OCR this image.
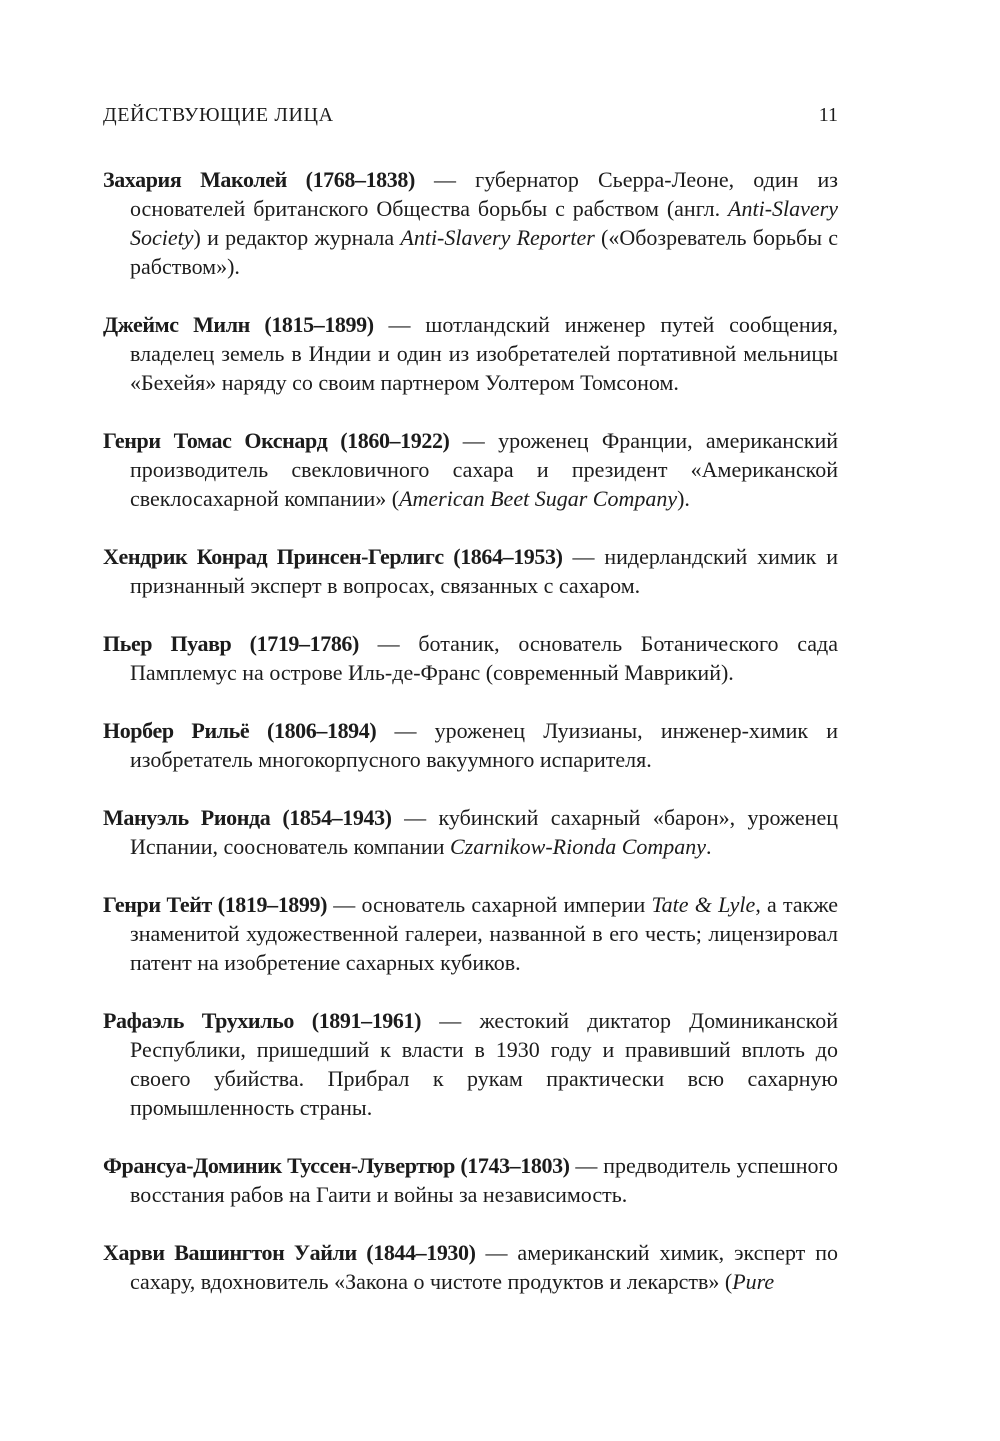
ДЕЙСТВУЮЩИЕ ЛИЦА	11

Захария Маколей (1768–1838) — губернатор Сьерра-Леоне, один из основателей британского Общества борьбы с рабством (англ. Anti-Slavery Society) и редактор журнала Anti-Slavery Reporter («Обозреватель борьбы с рабством»).

Джеймс Милн (1815–1899) — шотландский инженер путей сообщения, владелец земель в Индии и один из изобретателей портативной мельницы «Бехейя» наряду со своим партнером Уолтером Томсоном.

Генри Томас Окснард (1860–1922) — уроженец Франции, американский производитель свекловичного сахара и президент «Американской свеклосахарной компании» (American Beet Sugar Company).

Хендрик Конрад Принсен-Герлигс (1864–1953) — нидерландский химик и признанный эксперт в вопросах, связанных с сахаром.

Пьер Пуавр (1719–1786) — ботаник, основатель Ботанического сада Памплемус на острове Иль-де-Франс (современный Маврикий).

Норбер Рильё (1806–1894) — уроженец Луизианы, инженер-химик и изобретатель многокорпусного вакуумного испарителя.

Мануэль Рионда (1854–1943) — кубинский сахарный «барон», уроженец Испании, сооснователь компании Czarnikow-Rionda Company.

Генри Тейт (1819–1899) — основатель сахарной империи Tate & Lyle, а также знаменитой художественной галереи, названной в его честь; лицензировал патент на изобретение сахарных кубиков.

Рафаэль Трухильо (1891–1961) — жестокий диктатор Доминиканской Республики, пришедший к власти в 1930 году и правивший вплоть до своего убийства. Прибрал к рукам практически всю сахарную промышленность страны.

Франсуа-Доминик Туссен-Лувертюр (1743–1803) — предводитель успешного восстания рабов на Гаити и войны за независимость.

Харви Вашингтон Уайли (1844–1930) — американский химик, эксперт по сахару, вдохновитель «Закона о чистоте продуктов и лекарств» (Pure
